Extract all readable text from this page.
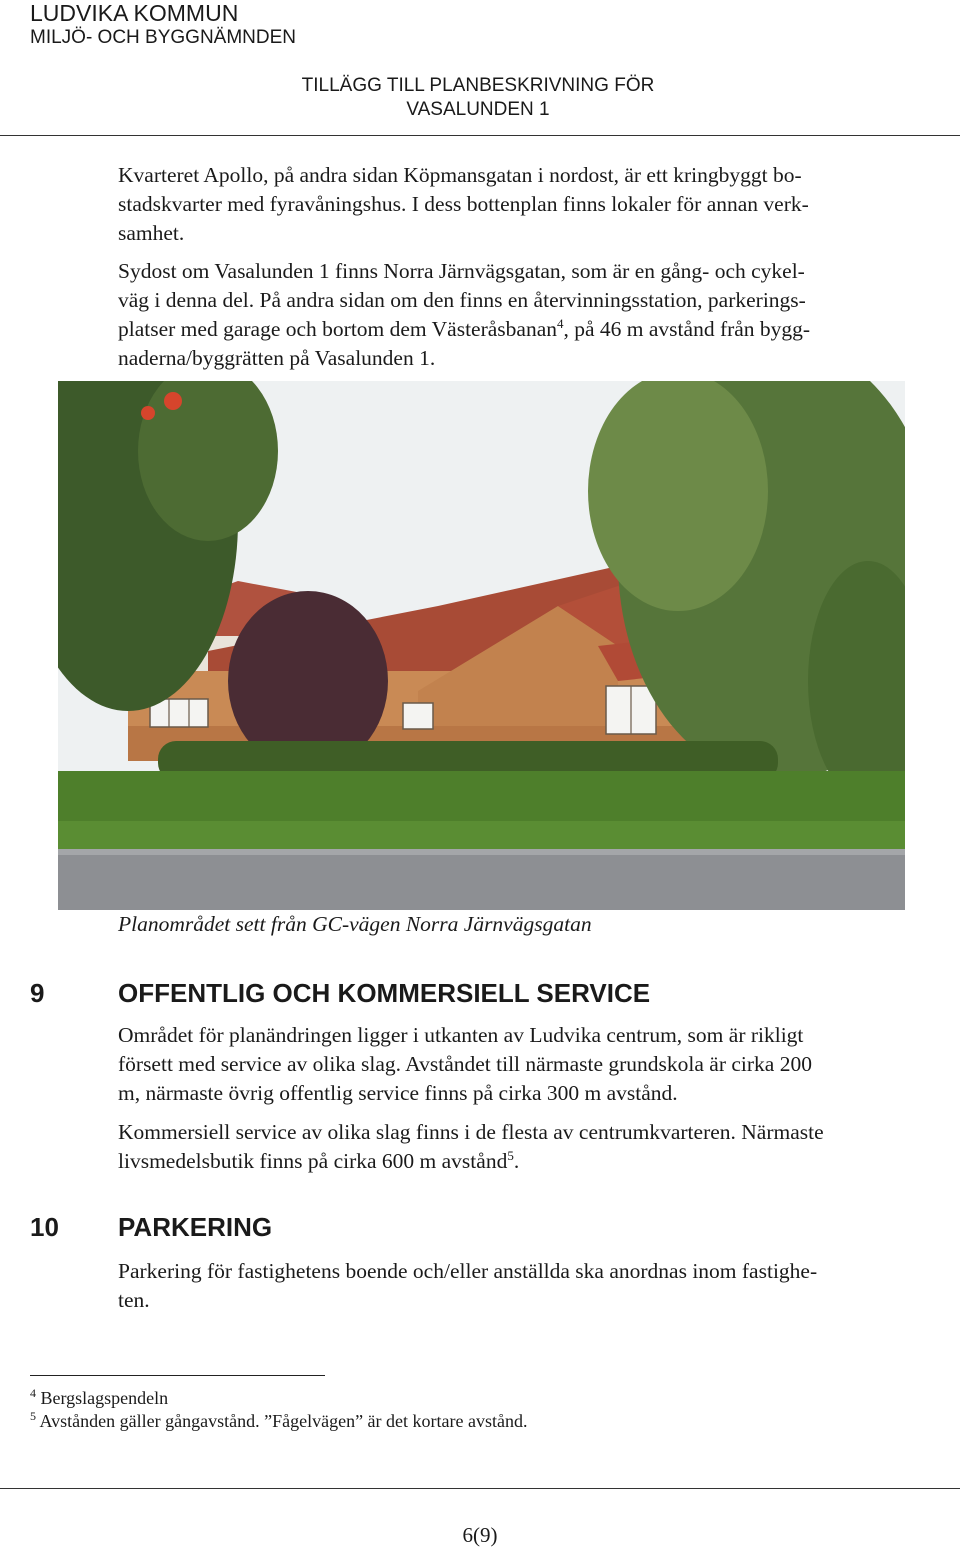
LUDVIKA KOMMUN
MILJÖ- OCH BYGGNÄMNDEN
TILLÄGG TILL PLANBESKRIVNING FÖR
VASALUNDEN 1
Kvarteret Apollo, på andra sidan Köpmansgatan i nordost, är ett kringbyggt bo-
stadskvarter med fyravåningshus. I dess bottenplan finns lokaler för annan verk-
samhet.
Sydost om Vasalunden 1 finns Norra Järnvägsgatan, som är en gång- och cykel-
väg i denna del. På andra sidan om den finns en återvinningsstation, parkerings-
platser med garage och bortom dem Västeråsbanan$^4$, på 46 m avstånd från bygg-
naderna/byggrätten på Vasalunden 1.
Planområdet sett från GC-vägen Norra Järnvägsgatan
9	OFFENTLIG OCH KOMMERSIELL SERVICE
Området för planändringen ligger i utkanten av Ludvika centrum, som är rikligt
försett med service av olika slag. Avståndet till närmaste grundskola är cirka 200
m, närmaste övrig offentlig service finns på cirka 300 m avstånd.
Kommersiell service av olika slag finns i de flesta av centrumkvarteren. Närmaste
livsmedelsbutik finns på cirka 600 m avstånd$^5$.
10 PARKERING
Parkering för fastighetens boende och/eller anställda ska anordnas inom fastighe-
ten.
$^4$ Bergslagspendeln
$^5$ Avstånden gäller gångavstånd. ”Fågelvägen” är det kortare avstånd.
6(9)
